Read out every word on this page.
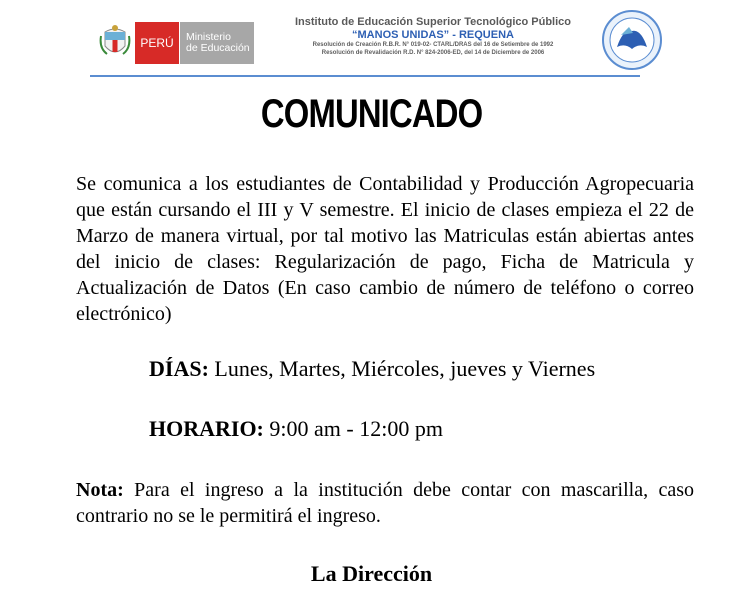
PERÚ Ministerio
de Educación
Instituto de Educación Superior Tecnológico Público
“MANOS UNIDAS” - REQUENA
Resolución de Creación R.B.R. N° 019-02- CTARL/DRAS del 16 de Setiembre de 1992
Resolución de Revalidación R.D. N° 824-2006-ED, del 14 de Diciembre de 2006
COMUNICADO
Se comunica a los estudiantes de Contabilidad y Producción Agropecuaria que están cursando el III y V semestre. El inicio de clases empieza el 22 de Marzo de manera virtual, por tal motivo las Matriculas están abiertas antes del inicio de clases: Regularización de pago, Ficha de Matricula y Actualización de Datos (En caso cambio de número de teléfono o correo electrónico)
DÍAS: Lunes, Martes, Miércoles, jueves y Viernes
HORARIO: 9:00 am - 12:00 pm
Nota: Para el ingreso a la institución debe contar con mascarilla, caso contrario no se le permitirá el ingreso.
La Dirección
